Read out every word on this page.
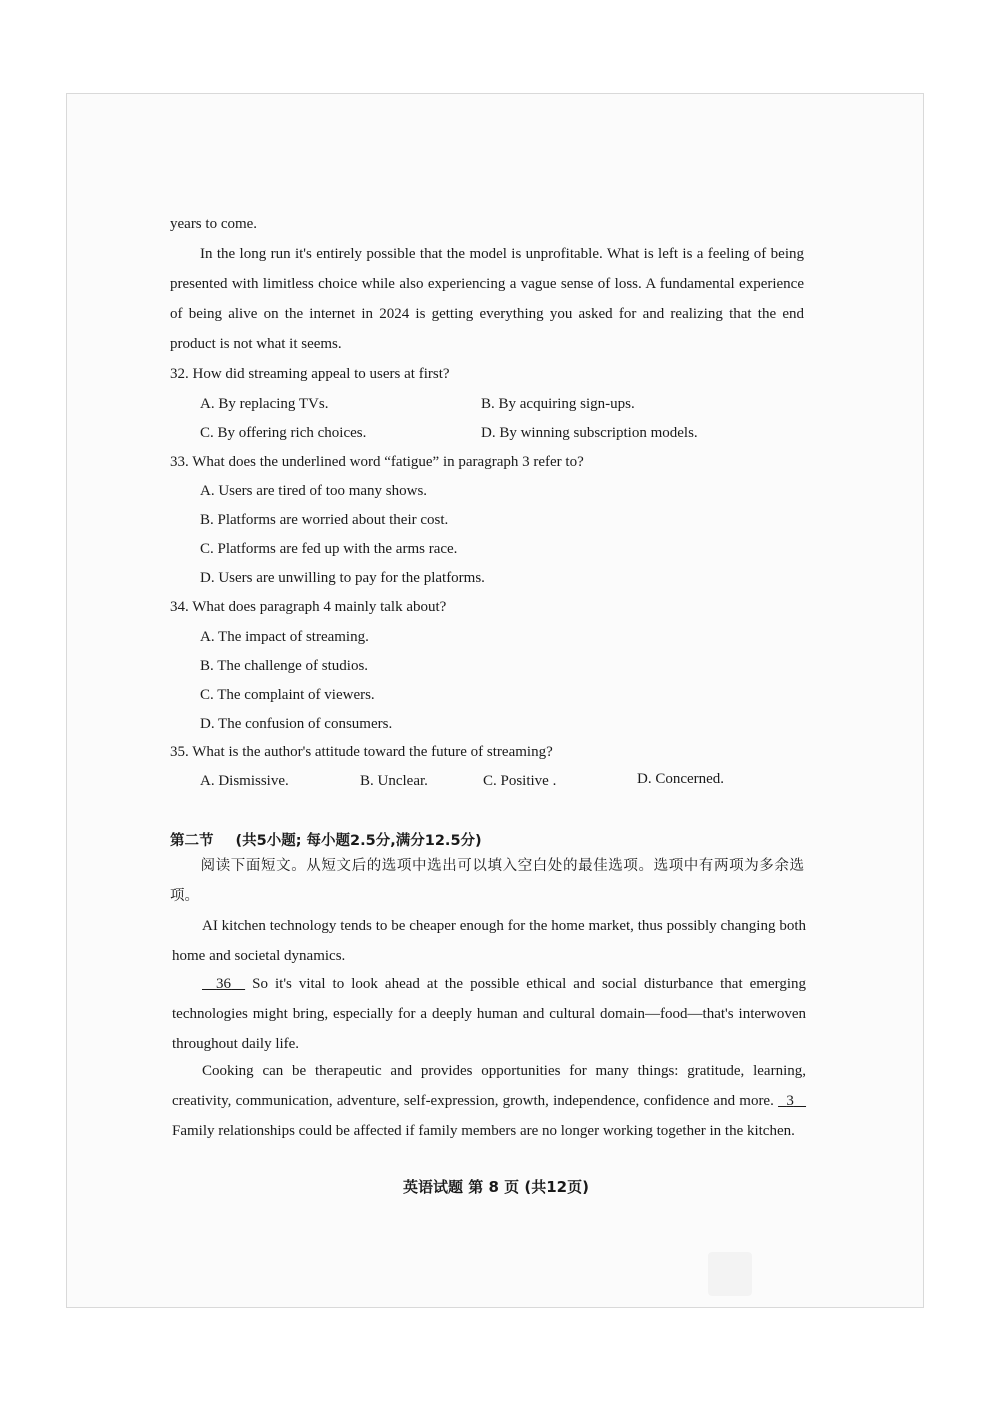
years to come.
In the long run it's entirely possible that the model is unprofitable. What is left is a feeling of being presented with limitless choice while also experiencing a vague sense of loss. A fundamental experience of being alive on the internet in 2024 is getting everything you asked for and realizing that the end product is not what it seems.
32. How did streaming appeal to users at first?
A. By replacing TVs.	B. By acquiring sign-ups.
C. By offering rich choices.	D. By winning subscription models.
33. What does the underlined word “fatigue” in paragraph 3 refer to?
A. Users are tired of too many shows.
B. Platforms are worried about their cost.
C. Platforms are fed up with the arms race.
D. Users are unwilling to pay for the platforms.
34. What does paragraph 4 mainly talk about?
A. The impact of streaming.
B. The challenge of studios.
C. The complaint of viewers.
D. The confusion of consumers.
35. What is the author's attitude toward the future of streaming?
A. Dismissive.	B. Unclear.	C. Positive .	D. Concerned.
第二节 (共5小题; 每小题2.5分,满分12.5分)
阅读下面短文。从短文后的选项中选出可以填入空白处的最佳选项。选项中有两项为多余选项。
AI kitchen technology tends to be cheaper enough for the home market, thus possibly changing both home and societal dynamics.
36 So it's vital to look ahead at the possible ethical and social disturbance that emerging technologies might bring, especially for a deeply human and cultural domain—food—that's interwoven throughout daily life.
Cooking can be therapeutic and provides opportunities for many things: gratitude, learning, creativity, communication, adventure, self-expression, growth, independence, confidence and more. 3    Family relationships could be affected if family members are no longer working together in the kitchen.
英语试题 第 8 页 (共12页)
